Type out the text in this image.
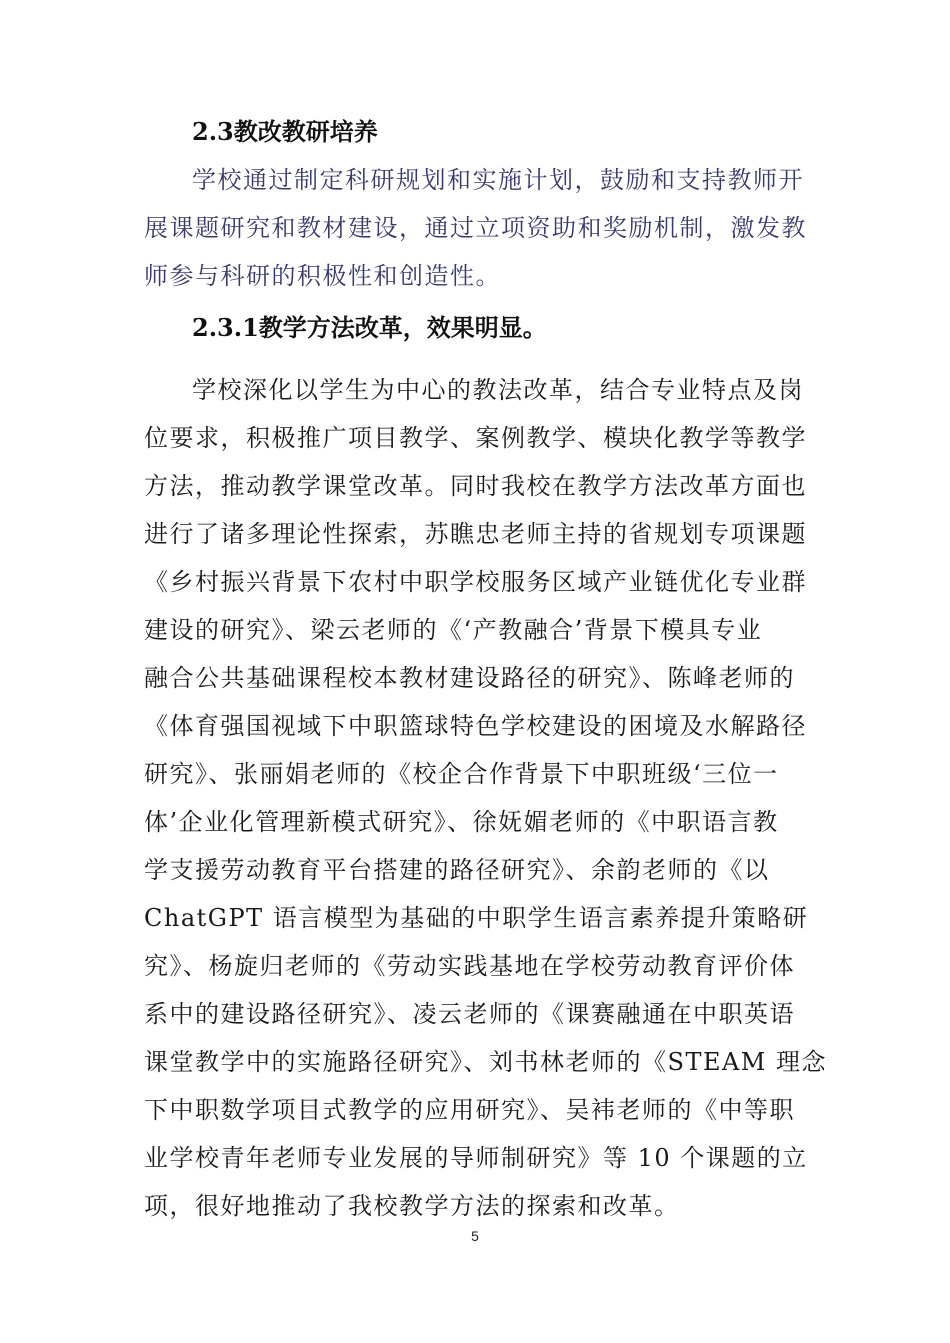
2.3教改教研培养
学校通过制定科研规划和实施计划，鼓励和支持教师开
展课题研究和教材建设，通过立项资助和奖励机制，激发教
师参与科研的积极性和创造性。
2.3.1教学方法改革，效果明显。
学校深化以学生为中心的教法改革，结合专业特点及岗
位要求，积极推广项目教学、案例教学、模块化教学等教学
方法，推动教学课堂改革。同时我校在教学方法改革方面也
进行了诸多理论性探索，苏瞧忠老师主持的省规划专项课题
《乡村振兴背景下农村中职学校服务区域产业链优化专业群
建设的研究》、梁云老师的《‘产教融合’背景下模具专业
融合公共基础课程校本教材建设路径的研究》、陈峰老师的
《体育强国视域下中职篮球特色学校建设的困境及水解路径
研究》、张丽娟老师的《校企合作背景下中职班级‘三位一
体’企业化管理新模式研究》、徐妩媚老师的《中职语言教
学支援劳动教育平台搭建的路径研究》、余韵老师的《以
ChatGPT 语言模型为基础的中职学生语言素养提升策略研
究》、杨旋归老师的《劳动实践基地在学校劳动教育评价体
系中的建设路径研究》、凌云老师的《课赛融通在中职英语
课堂教学中的实施路径研究》、刘书林老师的《STEAM 理念
下中职数学项目式教学的应用研究》、吴袆老师的《中等职
业学校青年老师专业发展的导师制研究》等 10 个课题的立
项，很好地推动了我校教学方法的探索和改革。
5
